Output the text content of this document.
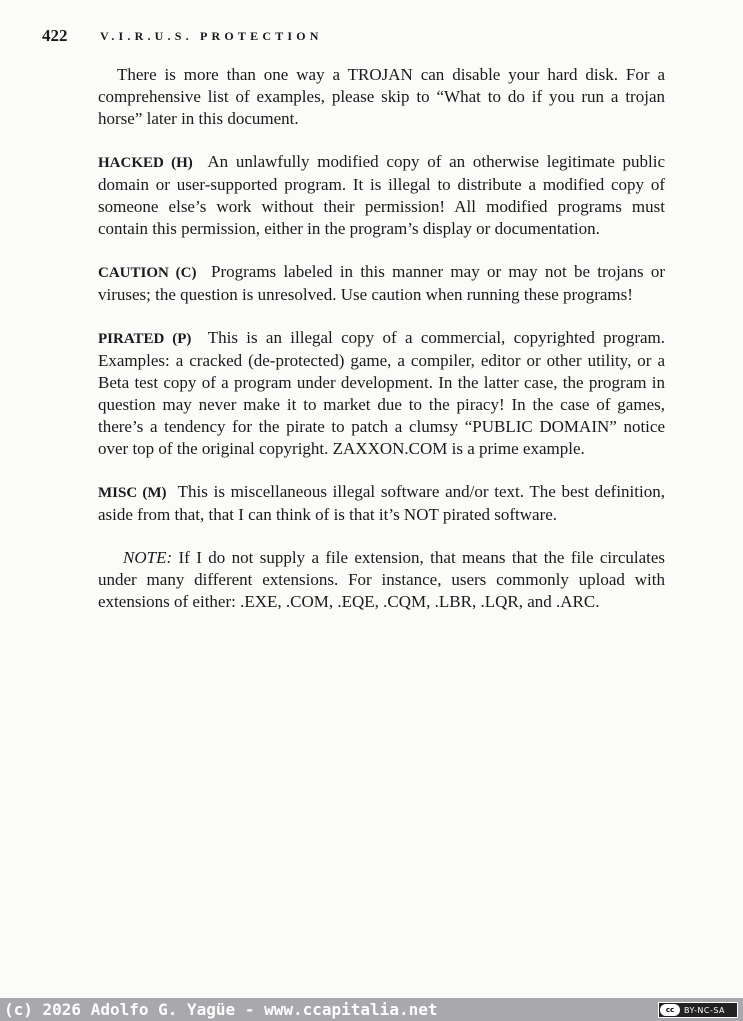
422	V.I.R.U.S. PROTECTION

There is more than one way a TROJAN can disable your hard disk. For a comprehensive list of examples, please skip to “What to do if you run a trojan horse” later in this document.

HACKED (H) An unlawfully modified copy of an otherwise legitimate public domain or user-supported program. It is illegal to distribute a modified copy of someone else’s work without their permission! All modified programs must contain this permission, either in the program’s display or documentation.

CAUTION (C) Programs labeled in this manner may or may not be trojans or viruses; the question is unresolved. Use caution when running these programs!

PIRATED (P) This is an illegal copy of a commercial, copyrighted program. Examples: a cracked (de-protected) game, a compiler, editor or other utility, or a Beta test copy of a program under development. In the latter case, the program in question may never make it to market due to the piracy! In the case of games, there’s a tendency for the pirate to patch a clumsy “PUBLIC DOMAIN” notice over top of the original copyright. ZAXXON.COM is a prime example.

MISC (M) This is miscellaneous illegal software and/or text. The best definition, aside from that, that I can think of is that it’s NOT pirated software.

NOTE: If I do not supply a file extension, that means that the file circulates under many different extensions. For instance, users commonly upload with extensions of either: .EXE, .COM, .EQE, .CQM, .LBR, .LQR, and .ARC.

(c) 2026 Adolfo G. Yagüe - www.ccapitalia.net	cc	BY-NC-SA
